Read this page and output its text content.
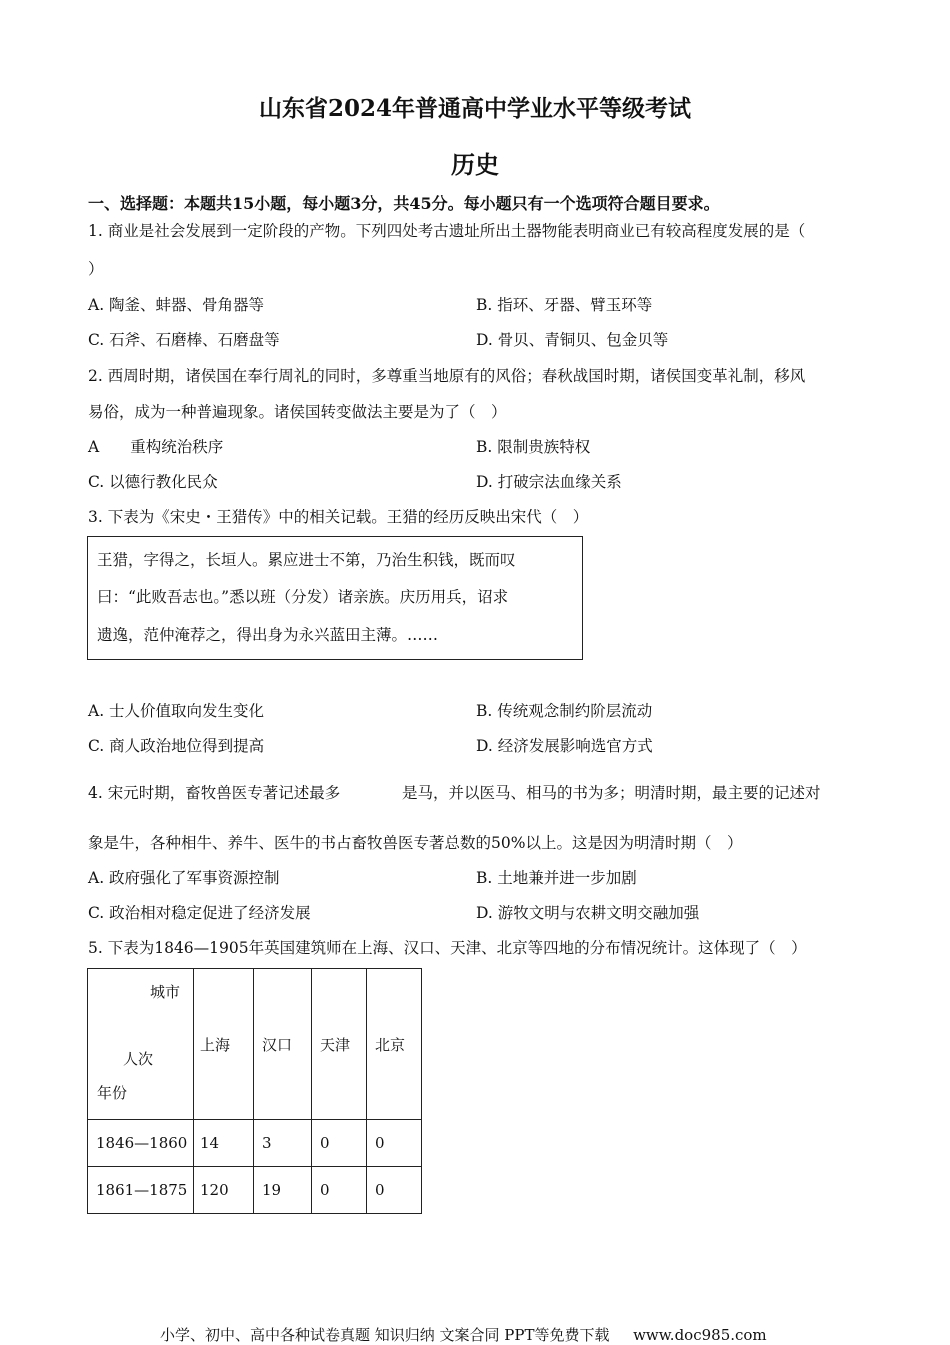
山东省2024年普通高中学业水平等级考试
历史
一、选择题：本题共15小题，每小题3分，共45分。每小题只有一个选项符合题目要求。
1. 商业是社会发展到一定阶段的产物。下列四处考古遗址所出土器物能表明商业已有较高程度发展的是（
）
A. 陶釜、蚌器、骨角器等	B. 指环、牙器、臂玉环等
C. 石斧、石磨棒、石磨盘等	D. 骨贝、青铜贝、包金贝等
2. 西周时期，诸侯国在奉行周礼的同时，多尊重当地原有的风俗；春秋战国时期，诸侯国变革礼制，移风
易俗，成为一种普遍现象。诸侯国转变做法主要是为了（　）
A　　重构统治秩序	B. 限制贵族特权
C. 以德行教化民众	D. 打破宗法血缘关系
3. 下表为《宋史・王猎传》中的相关记载。王猎的经历反映出宋代（　）
王猎，字得之，长垣人。累应进士不第，乃治生积钱，既而叹
曰：“此败吾志也。”悉以班（分发）诸亲族。庆历用兵，诏求
遗逸，范仲淹荐之，得出身为永兴蓝田主薄。……
A. 士人价值取向发生变化	B. 传统观念制约阶层流动
C. 商人政治地位得到提高	D. 经济发展影响选官方式
4. 宋元时期，畜牧兽医专著记述最多	是马，并以医马、相马的书为多；明清时期，最主要的记述对
象是牛，各种相牛、养牛、医牛的书占畜牧兽医专著总数的50%以上。这是因为明清时期（　）
A. 政府强化了军事资源控制	B. 土地兼并进一步加剧
C. 政治相对稳定促进了经济发展	D. 游牧文明与农耕文明交融加强
5. 下表为1846—1905年英国建筑师在上海、汉口、天津、北京等四地的分布情况统计。这体现了（　）
城市
人次
年份	上海	汉口	天津	北京
1846—1860	14	3	0	0
1861—1875	120	19	0	0
小学、初中、高中各种试卷真题 知识归纳 文案合同 PPT等免费下载 www.doc985.com
